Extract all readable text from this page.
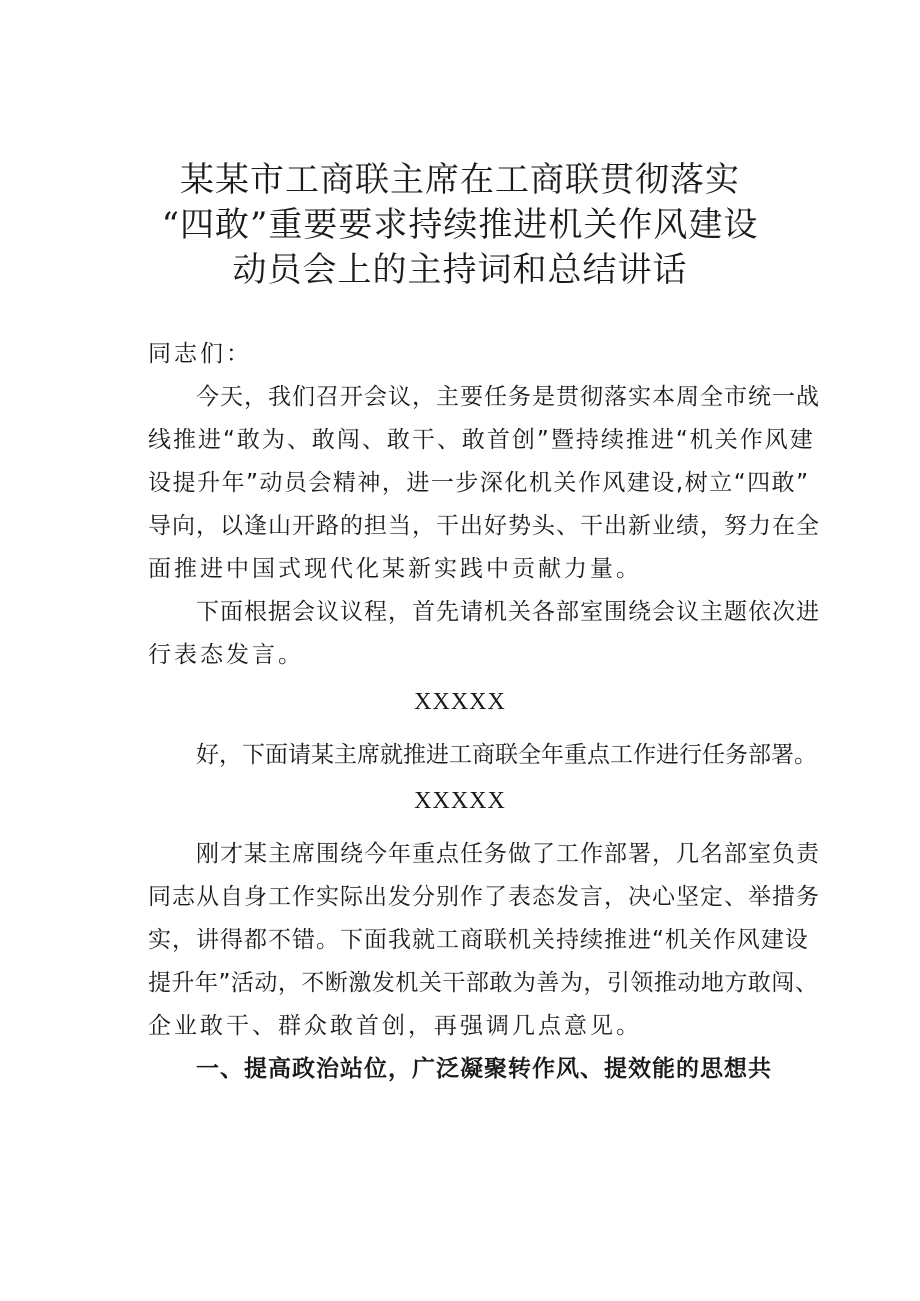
某某市工商联主席在工商联贯彻落实
“四敢”重要要求持续推进机关作风建设
动员会上的主持词和总结讲话
同志们：
今天，我们召开会议，主要任务是贯彻落实本周全市统一战
线推进“敢为、敢闯、敢干、敢首创”暨持续推进“机关作风建
设提升年”动员会精神，进一步深化机关作风建设,树立“四敢”
导向，以逢山开路的担当，干出好势头、干出新业绩，努力在全
面推进中国式现代化某新实践中贡献力量。
下面根据会议议程，首先请机关各部室围绕会议主题依次进
行表态发言。
XXXXX
好，下面请某主席就推进工商联全年重点工作进行任务部署。
XXXXX
刚才某主席围绕今年重点任务做了工作部署，几名部室负责
同志从自身工作实际出发分别作了表态发言，决心坚定、举措务
实，讲得都不错。下面我就工商联机关持续推进“机关作风建设
提升年”活动，不断激发机关干部敢为善为，引领推动地方敢闯、
企业敢干、群众敢首创，再强调几点意见。
一、提高政治站位，广泛凝聚转作风、提效能的思想共
